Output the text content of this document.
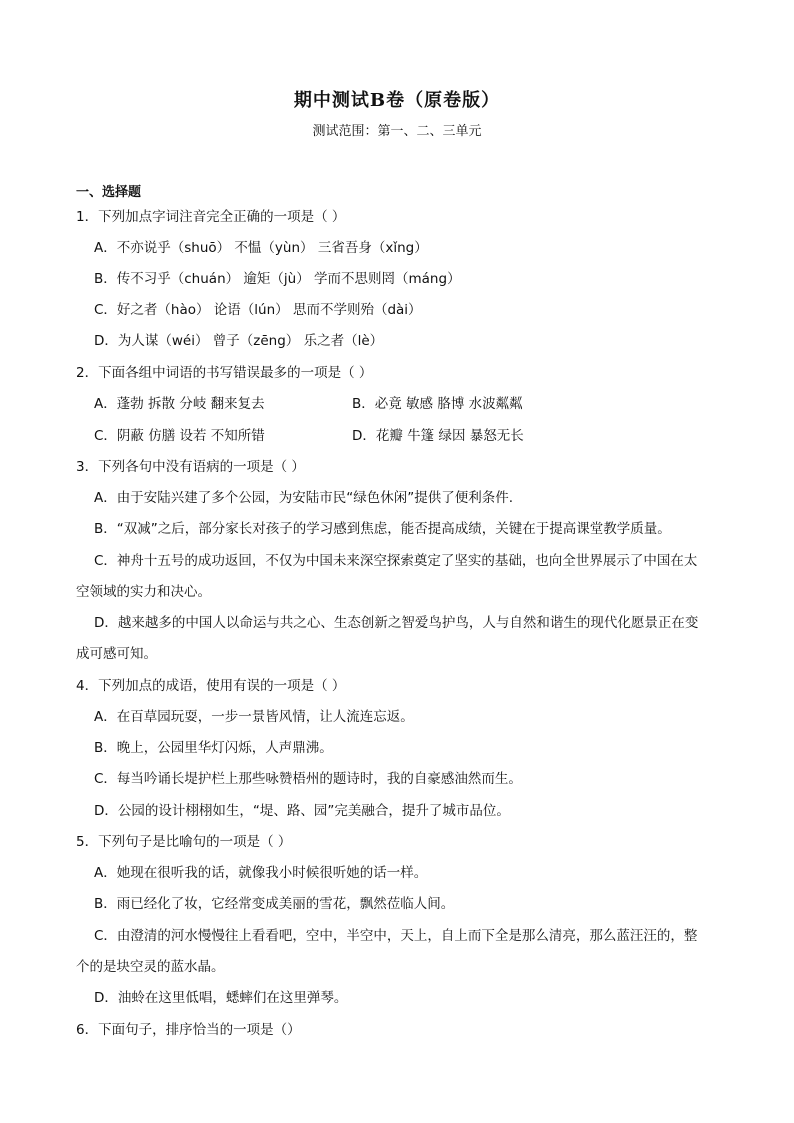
期中测试B卷（原卷版）
测试范围：第一、二、三单元
一、选择题
1．下列加点字词注音完全正确的一项是（ ）
A．不亦说乎（shuō） 不愠（yùn） 三省吾身（xǐng）
B．传不习乎（chuán） 逾矩（jù） 学而不思则罔（máng）
C．好之者（hào） 论语（lún） 思而不学则殆（dài）
D．为人谋（wéi） 曾子（zēng） 乐之者（lè）
2．下面各组中词语的书写错误最多的一项是（ ）
A．蓬勃 拆散 分岐 翻来复去	B．必竟 敏感 胳博 水波粼粼
C．阴蔽 仿膳 设若 不知所错	D．花瓣 牛篷 绿因 暴怒无长
3．下列各句中没有语病的一项是（ ）
A．由于安陆兴建了多个公园，为安陆市民“绿色休闲”提供了便利条件.
B．“双减”之后，部分家长对孩子的学习感到焦虑，能否提高成绩，关键在于提高课堂教学质量。
C．神舟十五号的成功返回，不仅为中国未来深空探索奠定了坚实的基础，也向全世界展示了中国在太
空领域的实力和决心。
D．越来越多的中国人以命运与共之心、生态创新之智爱鸟护鸟，人与自然和谐生的现代化愿景正在变
成可感可知。
4．下列加点的成语，使用有误的一项是（ ）
A．在百草园玩耍，一步一景皆风情，让人流连忘返。
B．晚上，公园里华灯闪烁，人声鼎沸。
C．每当吟诵长堤护栏上那些咏赞梧州的题诗时，我的自豪感油然而生。
D．公园的设计栩栩如生，“堤、路、园”完美融合，提升了城市品位。
5．下列句子是比喻句的一项是（ ）
A．她现在很听我的话，就像我小时候很听她的话一样。
B．雨已经化了妆，它经常变成美丽的雪花，飘然莅临人间。
C．由澄清的河水慢慢往上看看吧，空中，半空中，天上，自上而下全是那么清亮，那么蓝汪汪的，整
个的是块空灵的蓝水晶。
D．油蛉在这里低唱，蟋蟀们在这里弹琴。
6．下面句子，排序恰当的一项是（）
